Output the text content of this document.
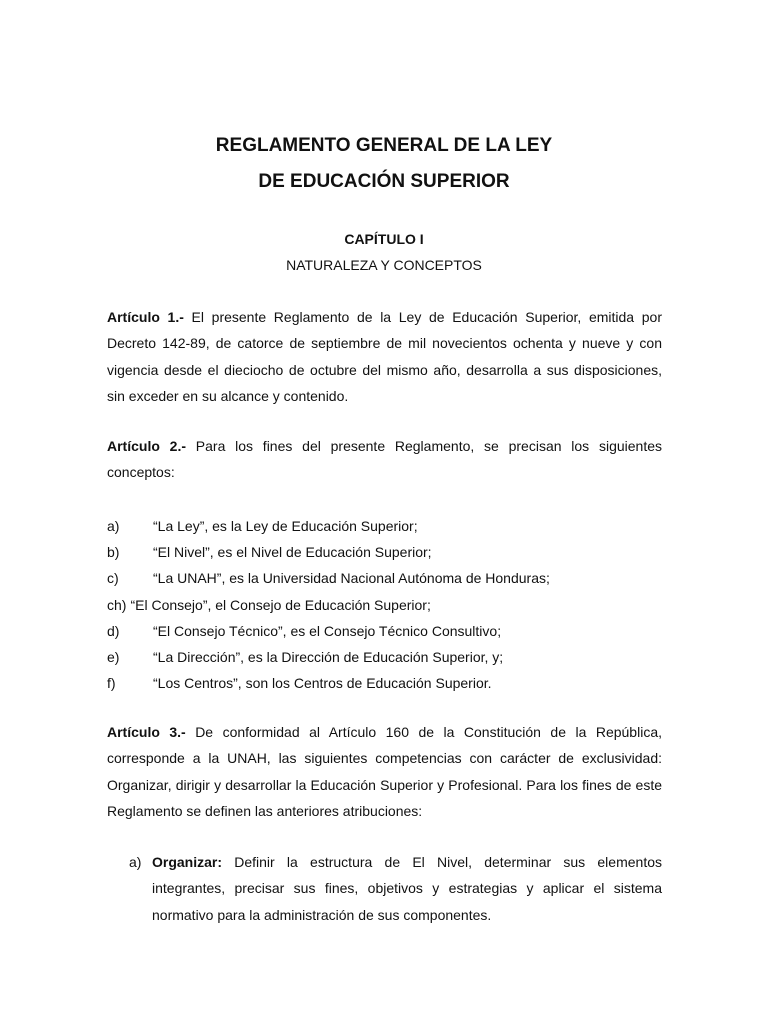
REGLAMENTO GENERAL DE LA LEY
DE EDUCACIÓN SUPERIOR
CAPÍTULO I
NATURALEZA Y CONCEPTOS

Artículo 1.- El presente Reglamento de la Ley de Educación Superior, emitida por Decreto 142-89, de catorce de septiembre de mil novecientos ochenta y nueve y con vigencia desde el dieciocho de octubre del mismo año, desarrolla a sus disposiciones, sin exceder en su alcance y contenido.

Artículo 2.- Para los fines del presente Reglamento, se precisan los siguientes conceptos:

a)	“La Ley”, es la Ley de Educación Superior;
b)	“El Nivel”, es el Nivel de Educación Superior;
c)	“La UNAH”, es la Universidad Nacional Autónoma de Honduras;
ch) “El Consejo”, el Consejo de Educación Superior;
d)	“El Consejo Técnico”, es el Consejo Técnico Consultivo;
e)	“La Dirección”, es la Dirección de Educación Superior, y;
f)	“Los Centros”, son los Centros de Educación Superior.

Artículo 3.- De conformidad al Artículo 160 de la Constitución de la República, corresponde a la UNAH, las siguientes competencias con carácter de exclusividad: Organizar, dirigir y desarrollar la Educación Superior y Profesional. Para los fines de este Reglamento se definen las anteriores atribuciones:

a) Organizar: Definir la estructura de El Nivel, determinar sus elementos integrantes, precisar sus fines, objetivos y estrategias y aplicar el sistema normativo para la administración de sus componentes.
